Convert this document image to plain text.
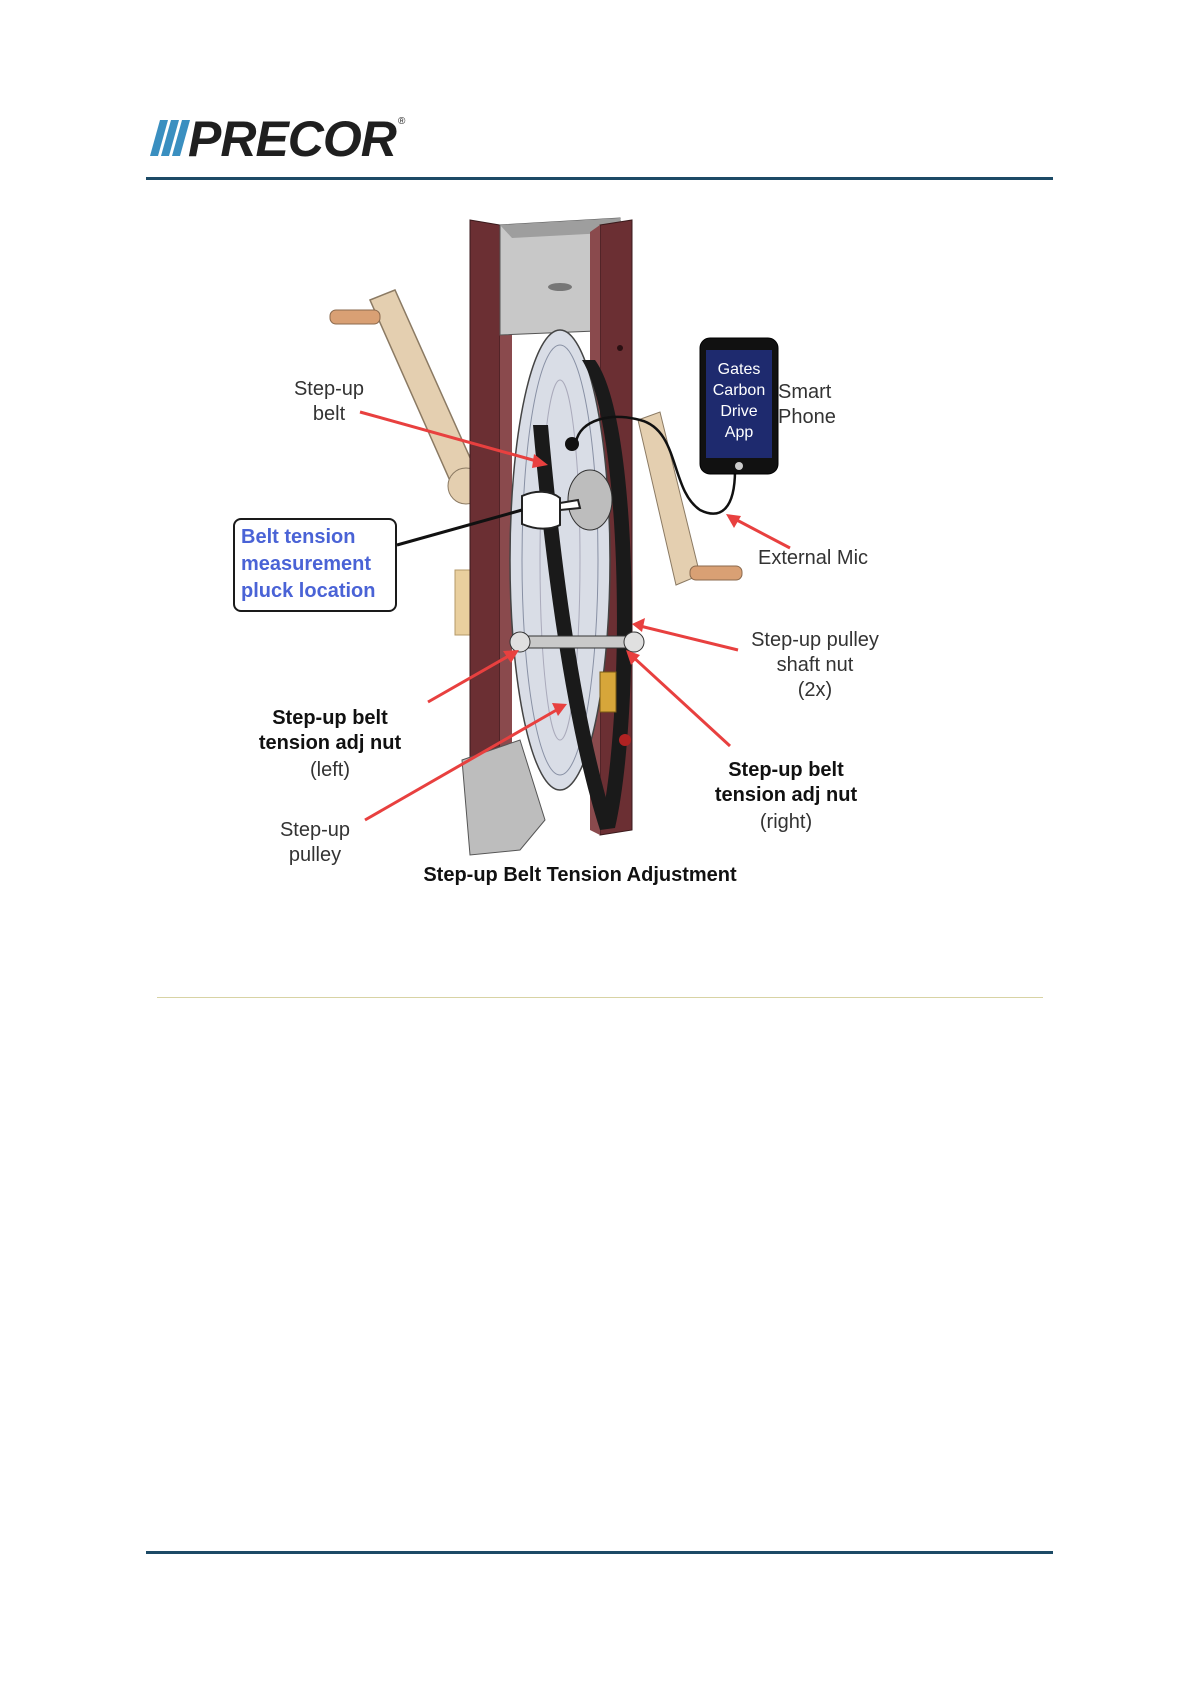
PRECOR ®
Gates
Carbon
Drive
App
Step-up
belt
Smart
Phone
External Mic
Belt tension
measurement
pluck location
Step-up pulley
shaft nut
(2x)
Step-up belt
tension adj nut
(left)	Step-up belt
tension adj nut
(right)
Step-up
pulley
Step-up Belt Tension Adjustment
